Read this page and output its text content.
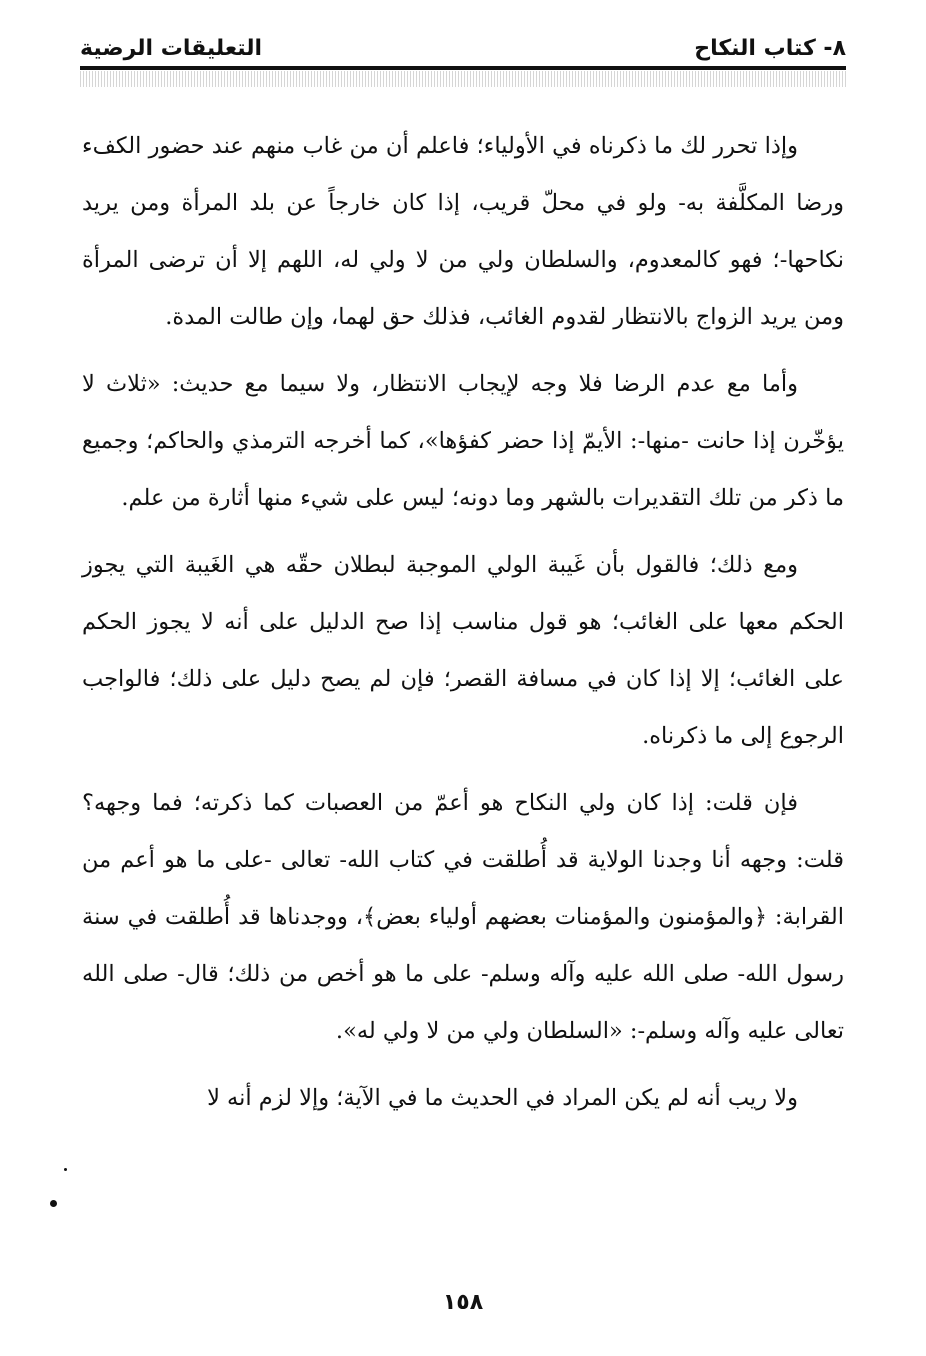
٨- كتاب النكاح
التعليقات الرضية

وإذا تحرر لك ما ذكرناه في الأولياء؛ فاعلم أن من غاب منهم عند حضور الكفء ورضا المكلَّفة به- ولو في محلّ قريب، إذا كان خارجاً عن بلد المرأة ومن يريد نكاحها-؛ فهو كالمعدوم، والسلطان ولي من لا ولي له، اللهم إلا أن ترضى المرأة ومن يريد الزواج بالانتظار لقدوم الغائب، فذلك حق لهما، وإن طالت المدة.

وأما مع عدم الرضا فلا وجه لإيجاب الانتظار، ولا سيما مع حديث: «ثلاث لا يؤخّرن إذا حانت -منها-: الأيمّ إذا حضر كفؤها»، كما أخرجه الترمذي والحاكم؛ وجميع ما ذكر من تلك التقديرات بالشهر وما دونه؛ ليس على شيء منها أثارة من علم.

ومع ذلك؛ فالقول بأن غَيبة الولي الموجبة لبطلان حقّه هي الغَيبة التي يجوز الحكم معها على الغائب؛ هو قول مناسب إذا صح الدليل على أنه لا يجوز الحكم على الغائب؛ إلا إذا كان في مسافة القصر؛ فإن لم يصح دليل على ذلك؛ فالواجب الرجوع إلى ما ذكرناه.

فإن قلت: إذا كان ولي النكاح هو أعمّ من العصبات كما ذكرته؛ فما وجهه؟ قلت: وجهه أنا وجدنا الولاية قد أُطلقت في كتاب الله- تعالى -على ما هو أعم من القرابة: ﴿والمؤمنون والمؤمنات بعضهم أولياء بعض﴾، ووجدناها قد أُطلقت في سنة رسول الله- صلى الله عليه وآله وسلم- على ما هو أخص من ذلك؛ قال- صلى الله تعالى عليه وآله وسلم-: «السلطان ولي من لا ولي له».

ولا ريب أنه لم يكن المراد في الحديث ما في الآية؛ وإلا لزم أنه لا

١٥٨
